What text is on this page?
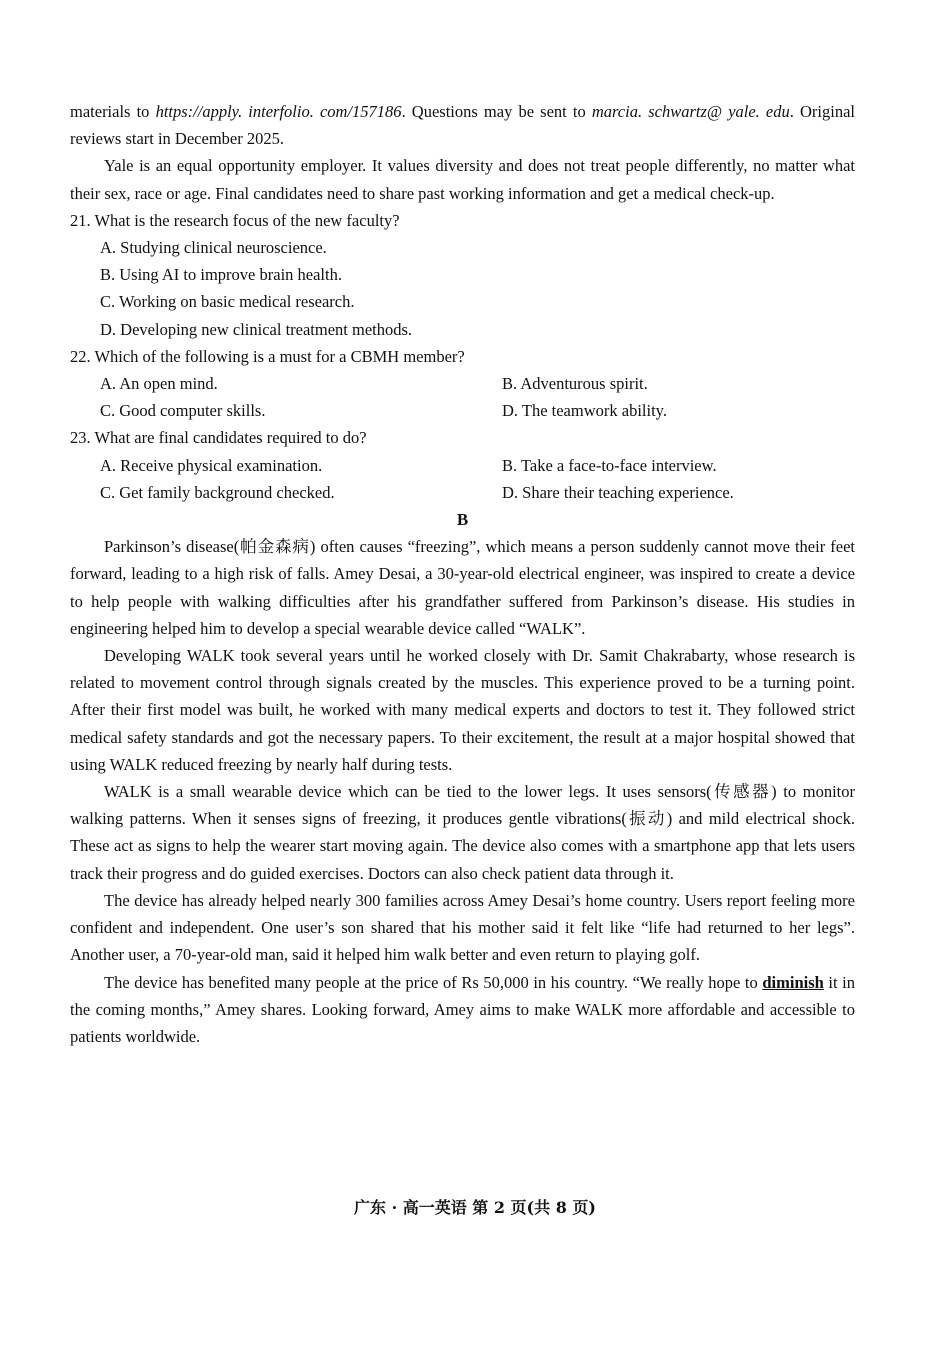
materials to https://apply. interfolio. com/157186. Questions may be sent to marcia. schwartz@ yale. edu. Original reviews start in December 2025.

Yale is an equal opportunity employer. It values diversity and does not treat people differently, no matter what their sex, race or age. Final candidates need to share past working information and get a medical check-up.

21. What is the research focus of the new faculty?
A. Studying clinical neuroscience.
B. Using AI to improve brain health.
C. Working on basic medical research.
D. Developing new clinical treatment methods.
22. Which of the following is a must for a CBMH member?
A. An open mind.	B. Adventurous spirit.
C. Good computer skills.	D. The teamwork ability.
23. What are final candidates required to do?
A. Receive physical examination.	B. Take a face-to-face interview.
C. Get family background checked.	D. Share their teaching experience.
B

Parkinson’s disease(帕金森病) often causes “freezing”, which means a person suddenly cannot move their feet forward, leading to a high risk of falls. Amey Desai, a 30-year-old electrical engineer, was inspired to create a device to help people with walking difficulties after his grandfather suffered from Parkinson’s disease. His studies in engineering helped him to develop a special wearable device called “WALK”.

Developing WALK took several years until he worked closely with Dr. Samit Chakrabarty, whose research is related to movement control through signals created by the muscles. This experience proved to be a turning point. After their first model was built, he worked with many medical experts and doctors to test it. They followed strict medical safety standards and got the necessary papers. To their excitement, the result at a major hospital showed that using WALK reduced freezing by nearly half during tests.

WALK is a small wearable device which can be tied to the lower legs. It uses sensors(传感器) to monitor walking patterns. When it senses signs of freezing, it produces gentle vibrations(振动) and mild electrical shock. These act as signs to help the wearer start moving again. The device also comes with a smartphone app that lets users track their progress and do guided exercises. Doctors can also check patient data through it.

The device has already helped nearly 300 families across Amey Desai’s home country. Users report feeling more confident and independent. One user’s son shared that his mother said it felt like “life had returned to her legs”. Another user, a 70-year-old man, said it helped him walk better and even return to playing golf.

The device has benefited many people at the price of Rs 50,000 in his country. “We really hope to diminish it in the coming months,” Amey shares. Looking forward, Amey aims to make WALK more affordable and accessible to patients worldwide.

广东 · 高一英语 第 2 页(共 8 页)
